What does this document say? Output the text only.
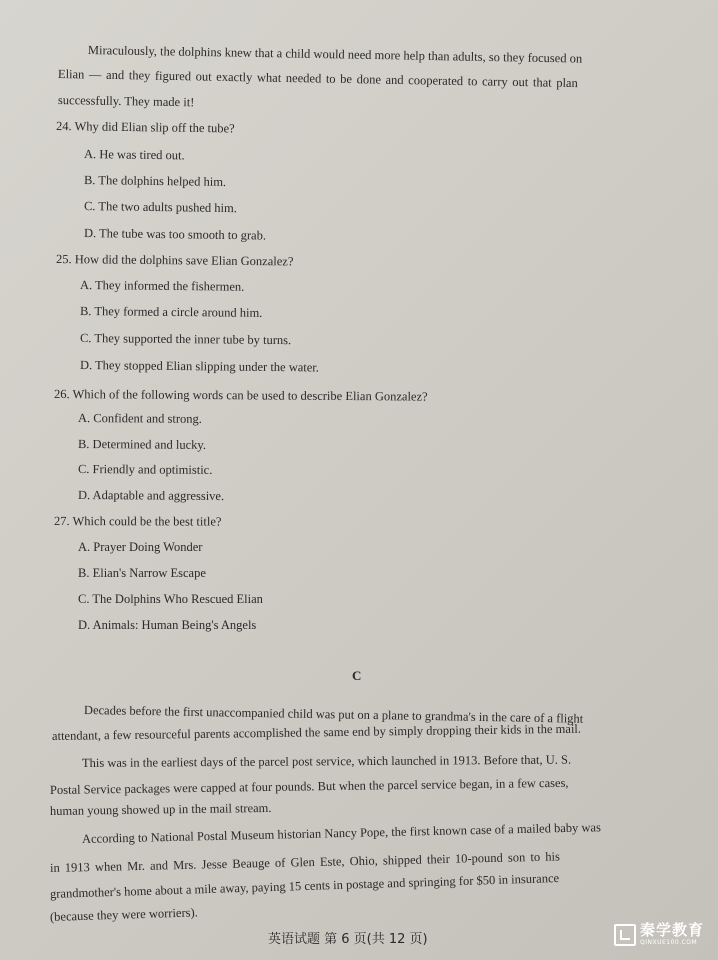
Miraculously, the dolphins knew that a child would need more help than adults, so they focused on
Elian — and they figured out exactly what needed to be done and cooperated to carry out that plan
successfully. They made it!
24. Why did Elian slip off the tube?
A. He was tired out.
B. The dolphins helped him.
C. The two adults pushed him.
D. The tube was too smooth to grab.
25. How did the dolphins save Elian Gonzalez?
A. They informed the fishermen.
B. They formed a circle around him.
C. They supported the inner tube by turns.
D. They stopped Elian slipping under the water.
26. Which of the following words can be used to describe Elian Gonzalez?
A. Confident and strong.
B. Determined and lucky.
C. Friendly and optimistic.
D. Adaptable and aggressive.
27. Which could be the best title?
A. Prayer Doing Wonder
B. Elian's Narrow Escape
C. The Dolphins Who Rescued Elian
D. Animals: Human Being's Angels
C
Decades before the first unaccompanied child was put on a plane to grandma's in the care of a flight
attendant, a few resourceful parents accomplished the same end by simply dropping their kids in the mail.
This was in the earliest days of the parcel post service, which launched in 1913. Before that, U. S.
Postal Service packages were capped at four pounds. But when the parcel service began, in a few cases,
human young showed up in the mail stream.
According to National Postal Museum historian Nancy Pope, the first known case of a mailed baby was
in 1913 when Mr. and Mrs. Jesse Beauge of Glen Este, Ohio, shipped their 10-pound son to his
grandmother's home about a mile away, paying 15 cents in postage and springing for $50 in insurance
(because they were worriers).
英语试题 第 6 页(共 12 页)
秦学教育
QINXUE100.COM
